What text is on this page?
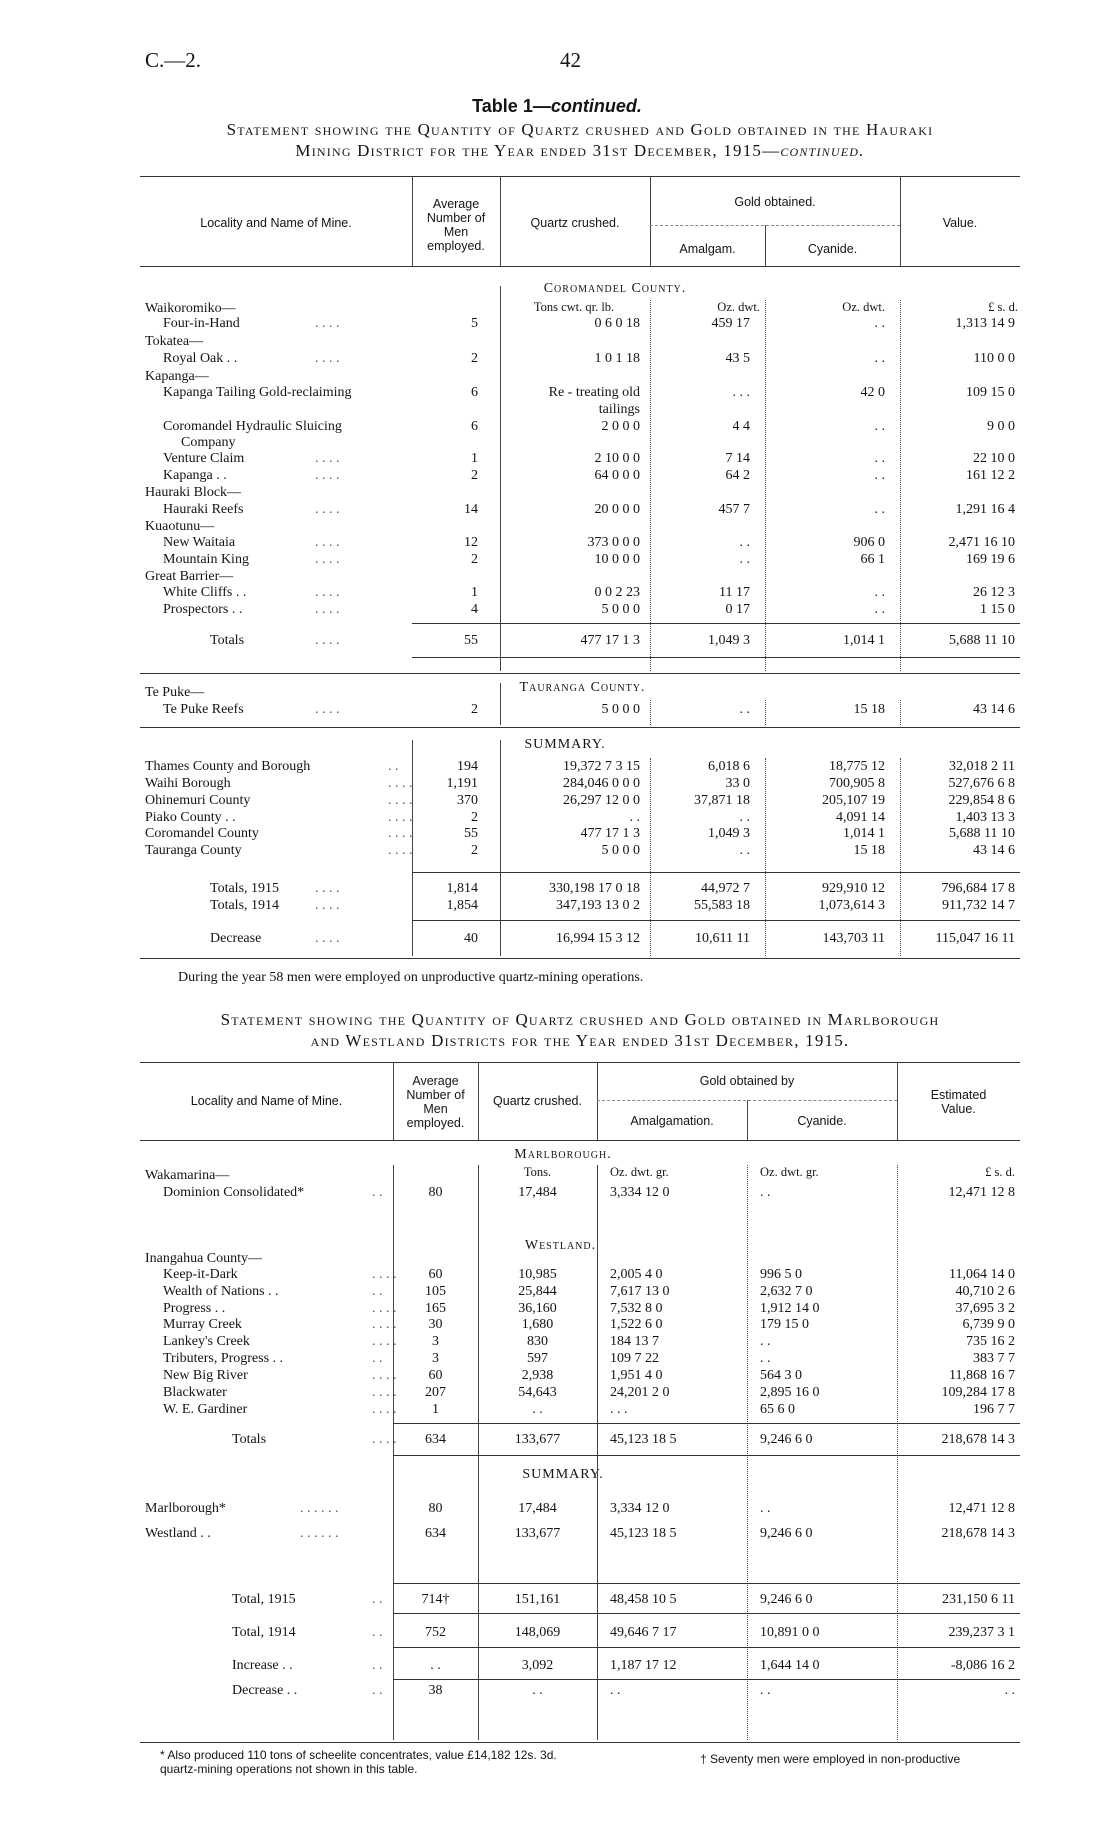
C.—2.	42
Table 1—continued.
Statement showing the Quantity of Quartz crushed and Gold obtained in the Hauraki
Mining District for the Year ended 31st December, 1915—continued.
Locality and Name of Mine.
Average
Number of
Men
employed.
Quartz crushed.
Gold obtained.
Amalgam.	Cyanide.
Value.
Coromandel County.
Tons cwt. qr. lb.	Oz. dwt.	Oz. dwt.	£ s. d.
Waikoromiko—
Four-in-Hand	. . . .	5	0 6 0 18	459 17	. .	1,313 14 9
Tokatea—
Royal Oak . .	. . . .	2	1 0 1 18	43 5	. .	110 0 0
Kapanga—
Kapanga Tailing Gold-reclaiming	6	Re - treating old	. . .	42 0	109 15 0
tailings
Coromandel Hydraulic Sluicing	6	2 0 0 0	4 4	. .	9 0 0
Company
Venture Claim	. . . .	1	2 10 0 0	7 14	. .	22 10 0
Kapanga . .	. . . .	2	64 0 0 0	64 2	. .	161 12 2
Hauraki Block—
Hauraki Reefs	. . . .	14	20 0 0 0	457 7	. .	1,291 16 4
Kuaotunu—
New Waitaia	. . . .	12	373 0 0 0	. .	906 0	2,471 16 10
Mountain King	. . . .	2	10 0 0 0	. .	66 1	169 19 6
Great Barrier—
White Cliffs . .	. . . .	1	0 0 2 23	11 17	. .	26 12 3
Prospectors . .	. . . .	4	5 0 0 0	0 17	. .	1 15 0
Totals	. . . .	55	477 17 1 3	1,049 3	1,014 1	5,688 11 10
Tauranga County.
Te Puke—
Te Puke Reefs	. . . .	2	5 0 0 0	. .	15 18	43 14 6
SUMMARY.
Thames County and Borough	. .	194	19,372 7 3 15	6,018 6	18,775 12	32,018 2 11
Waihi Borough	. . . .	1,191	284,046 0 0 0	33 0	700,905 8	527,676 6 8
Ohinemuri County	. . . .	370	26,297 12 0 0	37,871 18	205,107 19	229,854 8 6
Piako County . .	. . . .	2	. .	. .	4,091 14	1,403 13 3
Coromandel County	. . . .	55	477 17 1 3	1,049 3	1,014 1	5,688 11 10
Tauranga County	. . . .	2	5 0 0 0	. .	15 18	43 14 6
Totals, 1915	. . . .	1,814	330,198 17 0 18	44,972 7	929,910 12	796,684 17 8
Totals, 1914	. . . .	1,854	347,193 13 0 2	55,583 18	1,073,614 3	911,732 14 7
Decrease	. . . .	40	16,994 15 3 12	10,611 11	143,703 11	115,047 16 11
During the year 58 men were employed on unproductive quartz-mining operations.
Statement showing the Quantity of Quartz crushed and Gold obtained in Marlborough
and Westland Districts for the Year ended 31st December, 1915.
Locality and Name of Mine.
Average
Number of
Men
employed.
Quartz crushed.
Gold obtained by
Amalgamation.	Cyanide.
Estimated
Value.
Marlborough.
Tons.	Oz. dwt. gr.	Oz. dwt. gr.	£ s. d.
Wakamarina—
Dominion Consolidated*	. .	80	17,484	3,334 12 0	. .	12,471 12 8
Westland.
Inangahua County—
Keep-it-Dark	. . . .	60	10,985	2,005 4 0	996 5 0	11,064 14 0
Wealth of Nations . .	. .	105	25,844	7,617 13 0	2,632 7 0	40,710 2 6
Progress . .	. . . .	165	36,160	7,532 8 0	1,912 14 0	37,695 3 2
Murray Creek	. . . .	30	1,680	1,522 6 0	179 15 0	6,739 9 0
Lankey's Creek	. . . .	3	830	184 13 7	. .	735 16 2
Tributers, Progress . .	. .	3	597	109 7 22	. .	383 7 7
New Big River	. . . .	60	2,938	1,951 4 0	564 3 0	11,868 16 7
Blackwater	. . . .	207	54,643	24,201 2 0	2,895 16 0	109,284 17 8
W. E. Gardiner	. . . .	1	. .	. . .	65 6 0	196 7 7
Totals	. . . .	634	133,677	45,123 18 5	9,246 6 0	218,678 14 3
SUMMARY.
Marlborough*	. . . . . .	80	17,484	3,334 12 0	. .	12,471 12 8
Westland . .	. . . . . .	634	133,677	45,123 18 5	9,246 6 0	218,678 14 3
Total, 1915	. .	714†	151,161	48,458 10 5	9,246 6 0	231,150 6 11
Total, 1914	. .	752	148,069	49,646 7 17	10,891 0 0	239,237 3 1
Increase . .	. .	. .	3,092	1,187 17 12	1,644 14 0	-8,086 16 2
Decrease . .	. .	38	. .	. .	. .	. .
* Also produced 110 tons of scheelite concentrates, value £14,182 12s. 3d.
quartz-mining operations not shown in this table.
† Seventy men were employed in non-productive
